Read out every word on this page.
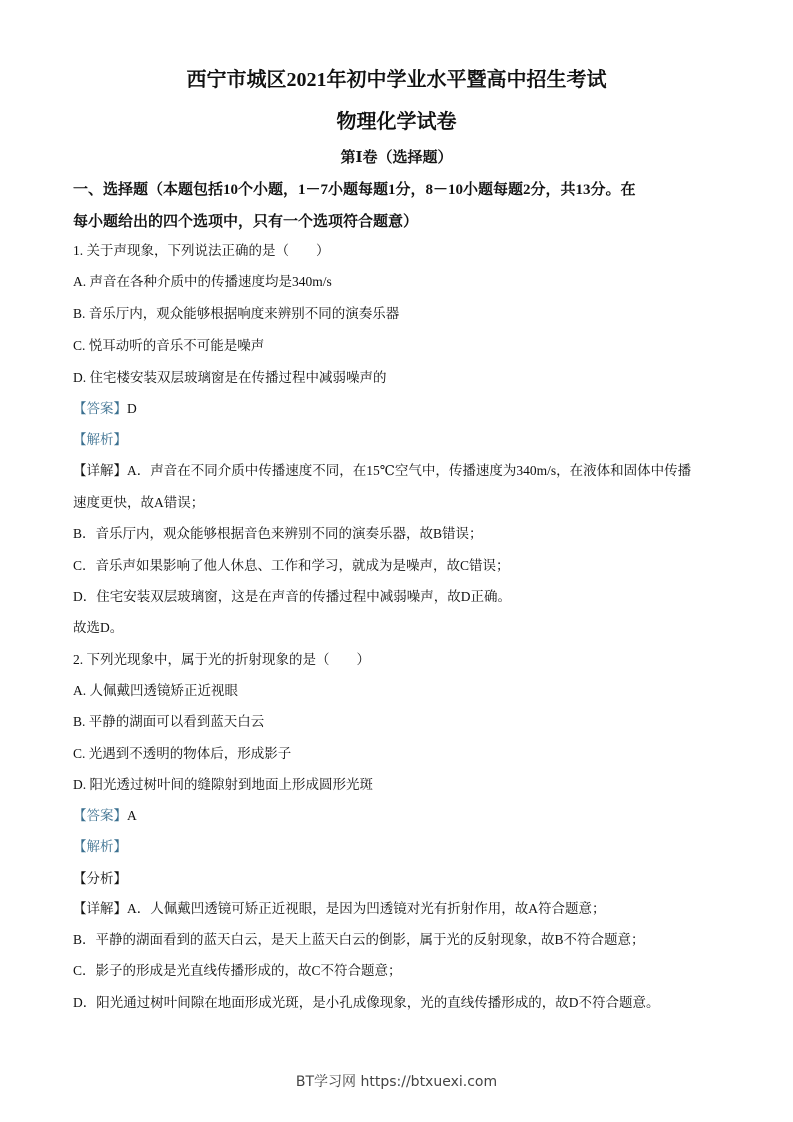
西宁市城区2021年初中学业水平暨高中招生考试
物理化学试卷
第Ⅰ卷（选择题）
一、选择题（本题包括10个小题，1－7小题每题1分，8－10小题每题2分，共13分。在
每小题给出的四个选项中，只有一个选项符合题意）
1. 关于声现象，下列说法正确的是（　　）
A. 声音在各种介质中的传播速度均是340m/s
B. 音乐厅内，观众能够根据响度来辨别不同的演奏乐器
C. 悦耳动听的音乐不可能是噪声
D. 住宅楼安装双层玻璃窗是在传播过程中减弱噪声的
【答案】D
【解析】
【详解】A．声音在不同介质中传播速度不同，在15℃空气中，传播速度为340m/s，在液体和固体中传播
速度更快，故A错误；
B．音乐厅内，观众能够根据音色来辨别不同的演奏乐器，故B错误；
C．音乐声如果影响了他人休息、工作和学习，就成为是噪声，故C错误；
D．住宅安装双层玻璃窗，这是在声音的传播过程中减弱噪声，故D正确。
故选D。
2. 下列光现象中，属于光的折射现象的是（　　）
A. 人佩戴凹透镜矫正近视眼
B. 平静的湖面可以看到蓝天白云
C. 光遇到不透明的物体后，形成影子
D. 阳光透过树叶间的缝隙射到地面上形成圆形光斑
【答案】A
【解析】
【分析】
【详解】A．人佩戴凹透镜可矫正近视眼，是因为凹透镜对光有折射作用，故A符合题意；
B．平静的湖面看到的蓝天白云，是天上蓝天白云的倒影，属于光的反射现象，故B不符合题意；
C．影子的形成是光直线传播形成的，故C不符合题意；
D．阳光通过树叶间隙在地面形成光斑，是小孔成像现象，光的直线传播形成的，故D不符合题意。
BT学习网 https://btxuexi.com
